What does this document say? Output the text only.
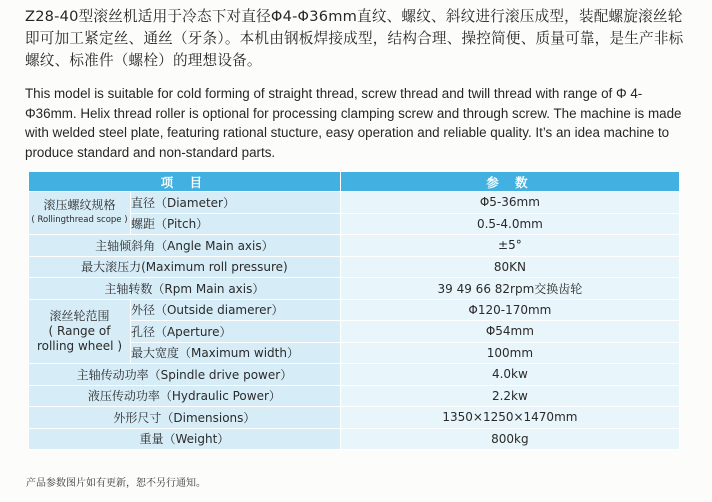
Z28-40型滚丝机适用于冷态下对直径Φ4-Φ36mm直纹、螺纹、斜纹进行滚压成型，装配螺旋滚丝轮即可加工紧定丝、通丝（牙条）。本机由钢板焊接成型，结构合理、操控简便、质量可靠，是生产非标螺纹、标准件（螺栓）的理想设备。
This model is suitable for cold forming of straight thread, screw thread and twill thread with range of Φ 4-Φ36mm. Helix thread roller is optional for processing clamping screw and through screw. The machine is made with welded steel plate, featuring rational stucture, easy operation and reliable quality. It’s an idea machine to produce standard and non-standard parts.
项 目		参 数
滚压螺纹规格
( Rollingthread scope )	直径（Diameter）	Φ5-36mm
	螺距（Pitch）	0.5-4.0mm
主轴倾斜角（Angle Main axis）		±5°
最大滚压力(Maximum roll pressure)		80KN
主轴转数（Rpm Main axis）		39 49 66 82rpm交换齿轮
滚丝轮范围
( Range of
rolling wheel )	外径（Outside diamerer）	Φ120-170mm
	孔径（Aperture）	Φ54mm
	最大宽度（Maximum width）	100mm
主轴传动功率（Spindle drive power）		4.0kw
液压传动功率（Hydraulic Power）		2.2kw
外形尺寸（Dimensions）		1350×1250×1470mm
重量（Weight）		800kg
产品参数图片如有更新，恕不另行通知。
